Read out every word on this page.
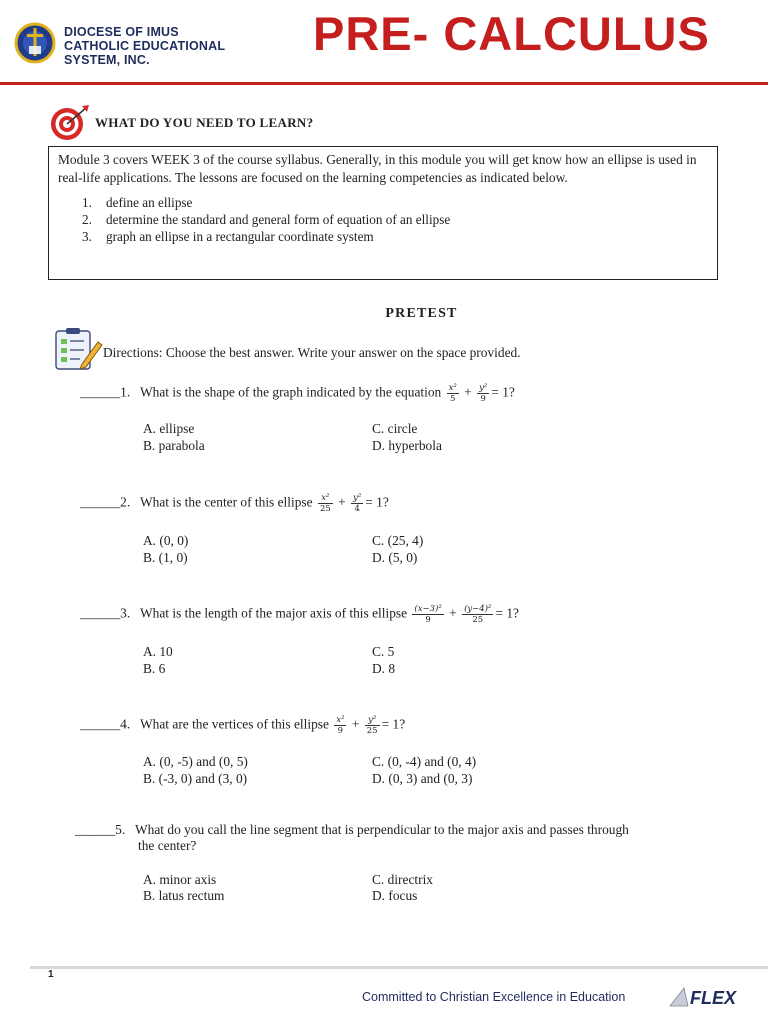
DIOCESE OF IMUS
CATHOLIC EDUCATIONAL
SYSTEM, INC.	PRE- CALCULUS
WHAT DO YOU NEED TO LEARN?
Module 3 covers WEEK 3 of the course syllabus. Generally, in this module you will get know how an ellipse is used in real-life applications. The lessons are focused on the learning competencies as indicated below.
1. define an ellipse
2. determine the standard and general form of equation of an ellipse
3. graph an ellipse in a rectangular coordinate system
PRETEST
Directions: Choose the best answer. Write your answer on the space provided.
______1. What is the shape of the graph indicated by the equation $\frac{\text{x²}}{5} + \frac{\text{y²}}{9} = 1$?
A. ellipse
B. parabola
C. circle
D. hyperbola
______2. What is the center of this ellipse $\frac{\text{x²}}{25} + \frac{\text{y²}}{4} = 1$?
A. (0, 0)
B. (1, 0)
C. (25, 4)
D. (5, 0)
______3. What is the length of the major axis of this ellipse $\frac{\text{(x−3)²}}{9} + \frac{\text{(y−4)²}}{25} = 1$?
A. 10
B. 6
C. 5
D. 8
______4. What are the vertices of this ellipse $\frac{\text{x²}}{9} + \frac{\text{y²}}{25} = 1$?
A. (0, -5) and (0, 5)
B. (-3, 0) and (3, 0)
C. (0, -4) and (0, 4)
D. (0, 3) and (0, 3)
______5. What do you call the line segment that is perpendicular to the major axis and passes through
the center?
A. minor axis
B. latus rectum
C. directrix
D. focus
1
Committed to Christian Excellence in Education	FLEX
